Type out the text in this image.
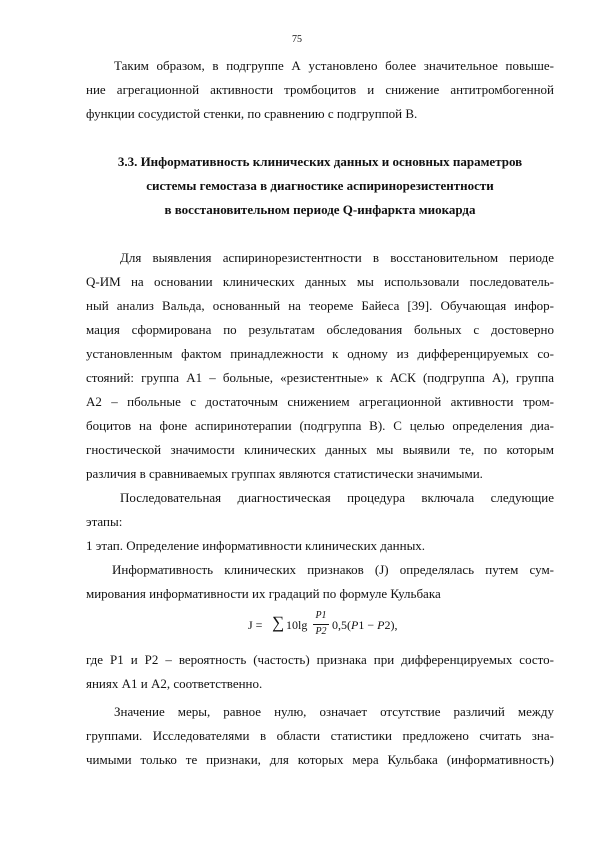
75
Таким образом, в подгруппе А установлено более значительное повыше-
ние агрегационной активности тромбоцитов и снижение антитромбогенной
функции сосудистой стенки, по сравнению с подгруппой В.
3.3. Информативность клинических данных и основных параметров
системы гемостаза в диагностике аспиринорезистентности
в восстановительном периоде Q-инфаркта миокарда
Для выявления аспиринорезистентности в восстановительном периоде
Q-ИМ на основании клинических данных мы использовали последователь-
ный анализ Вальда, основанный на теореме Байеса [39]. Обучающая инфор-
мация сформирована по результатам обследования больных с достоверно
установленным фактом принадлежности к одному из дифференцируемых со-
стояний: группа А1 – больные, «резистентные» к АСК (подгруппа А), группа
А2 – пбольные с достаточным снижением агрегационной активности тром-
боцитов на фоне аспиринотерапии (подгруппа В). С целью определения диа-
гностической значимости клинических данных мы выявили те, по которым
различия в сравниваемых группах являются статистически значимыми.
Последовательная диагностическая процедура включала следующие
этапы:
1 этап. Определение информативности клинических данных.
Информативность клинических признаков (J) определялась путем сум-
мирования информативности их градаций по формуле Кульбака
J = ∑ 10lg
P1
P2 0,5(P1 − P2),
где P1 и P2 – вероятность (частость) признака при дифференцируемых состо-
яниях А1 и А2, соответственно.
Значение меры, равное нулю, означает отсутствие различий между
группами. Исследователями в области статистики предложено считать зна-
чимыми только те признаки, для которых мера Кульбака (информативность)
